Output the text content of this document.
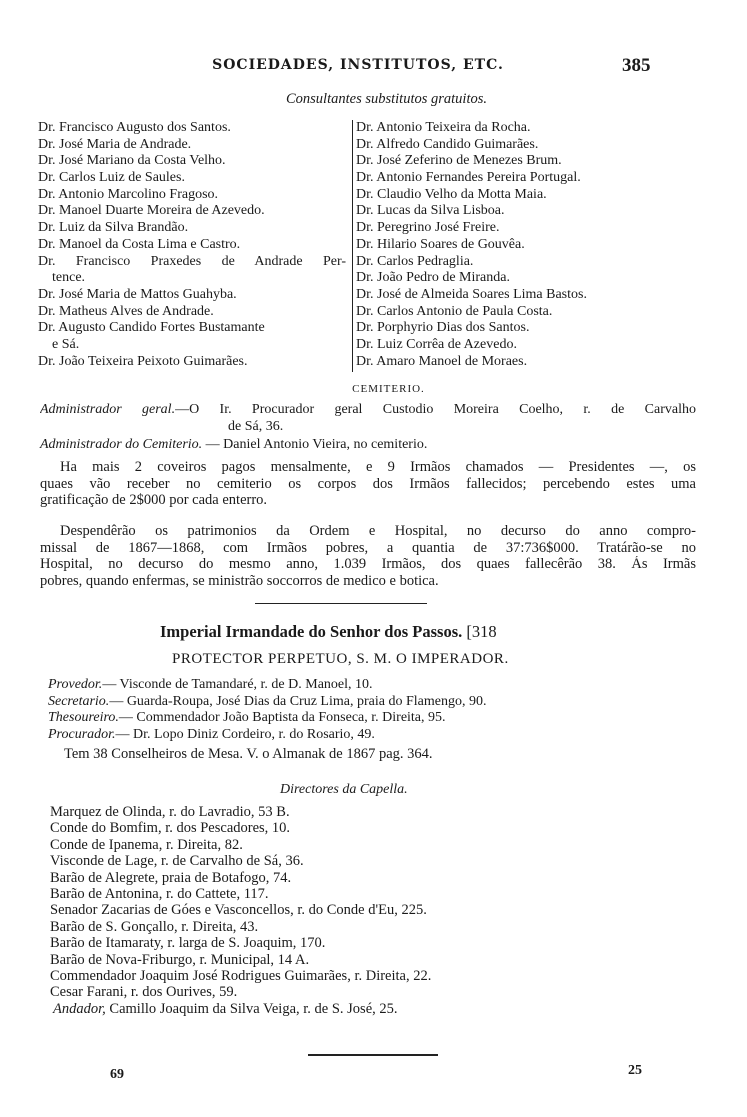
SOCIEDADES, INSTITUTOS, ETC.	385
Consultantes substitutos gratuitos.
Dr. Francisco Augusto dos Santos.
Dr. José Maria de Andrade.
Dr. José Mariano da Costa Velho.
Dr. Carlos Luiz de Saules.
Dr. Antonio Marcolino Fragoso.
Dr. Manoel Duarte Moreira de Azevedo.
Dr. Luiz da Silva Brandão.
Dr. Manoel da Costa Lima e Castro.
Dr. Francisco Praxedes de Andrade Per-
tence.
Dr. José Maria de Mattos Guahyba.
Dr. Matheus Alves de Andrade.
Dr. Augusto Candido Fortes Bustamante
e Sá.
Dr. João Teixeira Peixoto Guimarães.
Dr. Antonio Teixeira da Rocha.
Dr. Alfredo Candido Guimarães.
Dr. José Zeferino de Menezes Brum.
Dr. Antonio Fernandes Pereira Portugal.
Dr. Claudio Velho da Motta Maia.
Dr. Lucas da Silva Lisboa.
Dr. Peregrino José Freire.
Dr. Hilario Soares de Gouvêa.
Dr. Carlos Pedraglia.
Dr. João Pedro de Miranda.
Dr. José de Almeida Soares Lima Bastos.
Dr. Carlos Antonio de Paula Costa.
Dr. Porphyrio Dias dos Santos.
Dr. Luiz Corrêa de Azevedo.
Dr. Amaro Manoel de Moraes.
CEMITERIO.
Administrador geral.—O Ir. Procurador geral Custodio Moreira Coelho, r. de Carvalho
de Sá, 36.
Administrador do Cemiterio. — Daniel Antonio Vieira, no cemiterio.
Ha mais 2 coveiros pagos mensalmente, e 9 Irmãos chamados — Presidentes —, os
quaes vão receber no cemiterio os corpos dos Irmãos fallecidos; percebendo estes uma
gratificação de 2$000 por cada enterro.
Despendêrão os patrimonios da Ordem e Hospital, no decurso do anno compro-
missal de 1867—1868, com Irmãos pobres, a quantia de 37:736$000. Tratárão-se no
Hospital, no decurso do mesmo anno, 1.039 Irmãos, dos quaes fallecêrão 38. Ás Irmãs
pobres, quando enfermas, se ministrão soccorros de medico e botica.
Imperial Irmandade do Senhor dos Passos. [318
PROTECTOR PERPETUO, S. M. O IMPERADOR.
Provedor.— Visconde de Tamandaré, r. de D. Manoel, 10.
Secretario.— Guarda-Roupa, José Dias da Cruz Lima, praia do Flamengo, 90.
Thesoureiro.— Commendador João Baptista da Fonseca, r. Direita, 95.
Procurador.— Dr. Lopo Diniz Cordeiro, r. do Rosario, 49.
Tem 38 Conselheiros de Mesa. V. o Almanak de 1867 pag. 364.
Directores da Capella.
Marquez de Olinda, r. do Lavradio, 53 B.
Conde do Bomfim, r. dos Pescadores, 10.
Conde de Ipanema, r. Direita, 82.
Visconde de Lage, r. de Carvalho de Sá, 36.
Barão de Alegrete, praia de Botafogo, 74.
Barão de Antonina, r. do Cattete, 117.
Senador Zacarias de Góes e Vasconcellos, r. do Conde d'Eu, 225.
Barão de S. Gonçallo, r. Direita, 43.
Barão de Itamaraty, r. larga de S. Joaquim, 170.
Barão de Nova-Friburgo, r. Municipal, 14 A.
Commendador Joaquim José Rodrigues Guimarães, r. Direita, 22.
Cesar Farani, r. dos Ourives, 59.
Andador, Camillo Joaquim da Silva Veiga, r. de S. José, 25.
69	25
